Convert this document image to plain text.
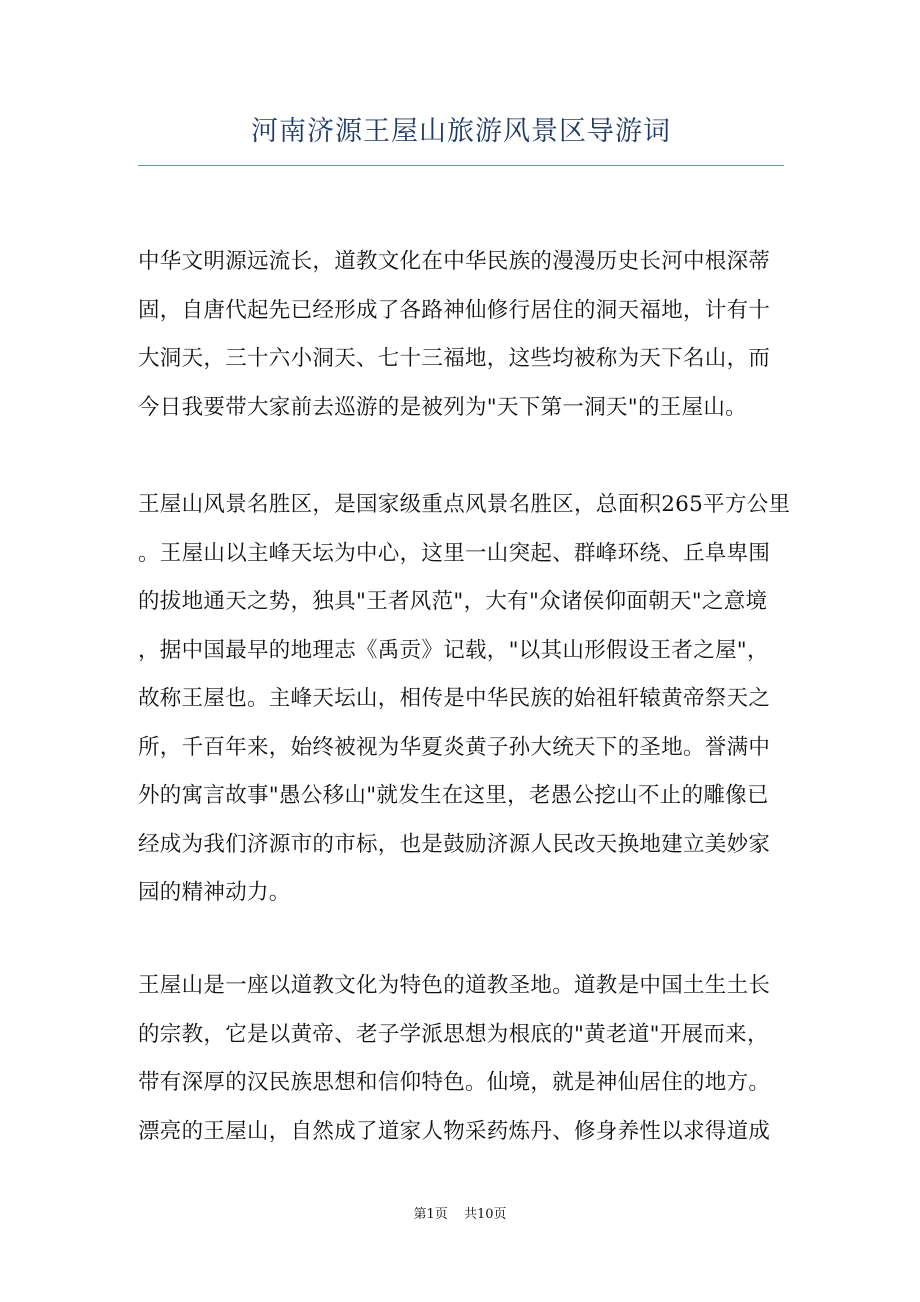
河南济源王屋山旅游风景区导游词
中华文明源远流长，道教文化在中华民族的漫漫历史长河中根深蒂
固，自唐代起先已经形成了各路神仙修行居住的洞天福地，计有十
大洞天，三十六小洞天、七十三福地，这些均被称为天下名山，而
今日我要带大家前去巡游的是被列为"天下第一洞天"的王屋山。
王屋山风景名胜区，是国家级重点风景名胜区，总面积265平方公里
。王屋山以主峰天坛为中心，这里一山突起、群峰环绕、丘阜卑围
的拔地通天之势，独具"王者风范"，大有"众诸侯仰面朝天"之意境
，据中国最早的地理志《禹贡》记载，"以其山形假设王者之屋"，
故称王屋也。主峰天坛山，相传是中华民族的始祖轩辕黄帝祭天之
所，千百年来，始终被视为华夏炎黄子孙大统天下的圣地。誉满中
外的寓言故事"愚公移山"就发生在这里，老愚公挖山不止的雕像已
经成为我们济源市的市标，也是鼓励济源人民改天换地建立美妙家
园的精神动力。
王屋山是一座以道教文化为特色的道教圣地。道教是中国土生土长
的宗教，它是以黄帝、老子学派思想为根底的"黄老道"开展而来，
带有深厚的汉民族思想和信仰特色。仙境，就是神仙居住的地方。
漂亮的王屋山，自然成了道家人物采药炼丹、修身养性以求得道成
第1页 共10页
